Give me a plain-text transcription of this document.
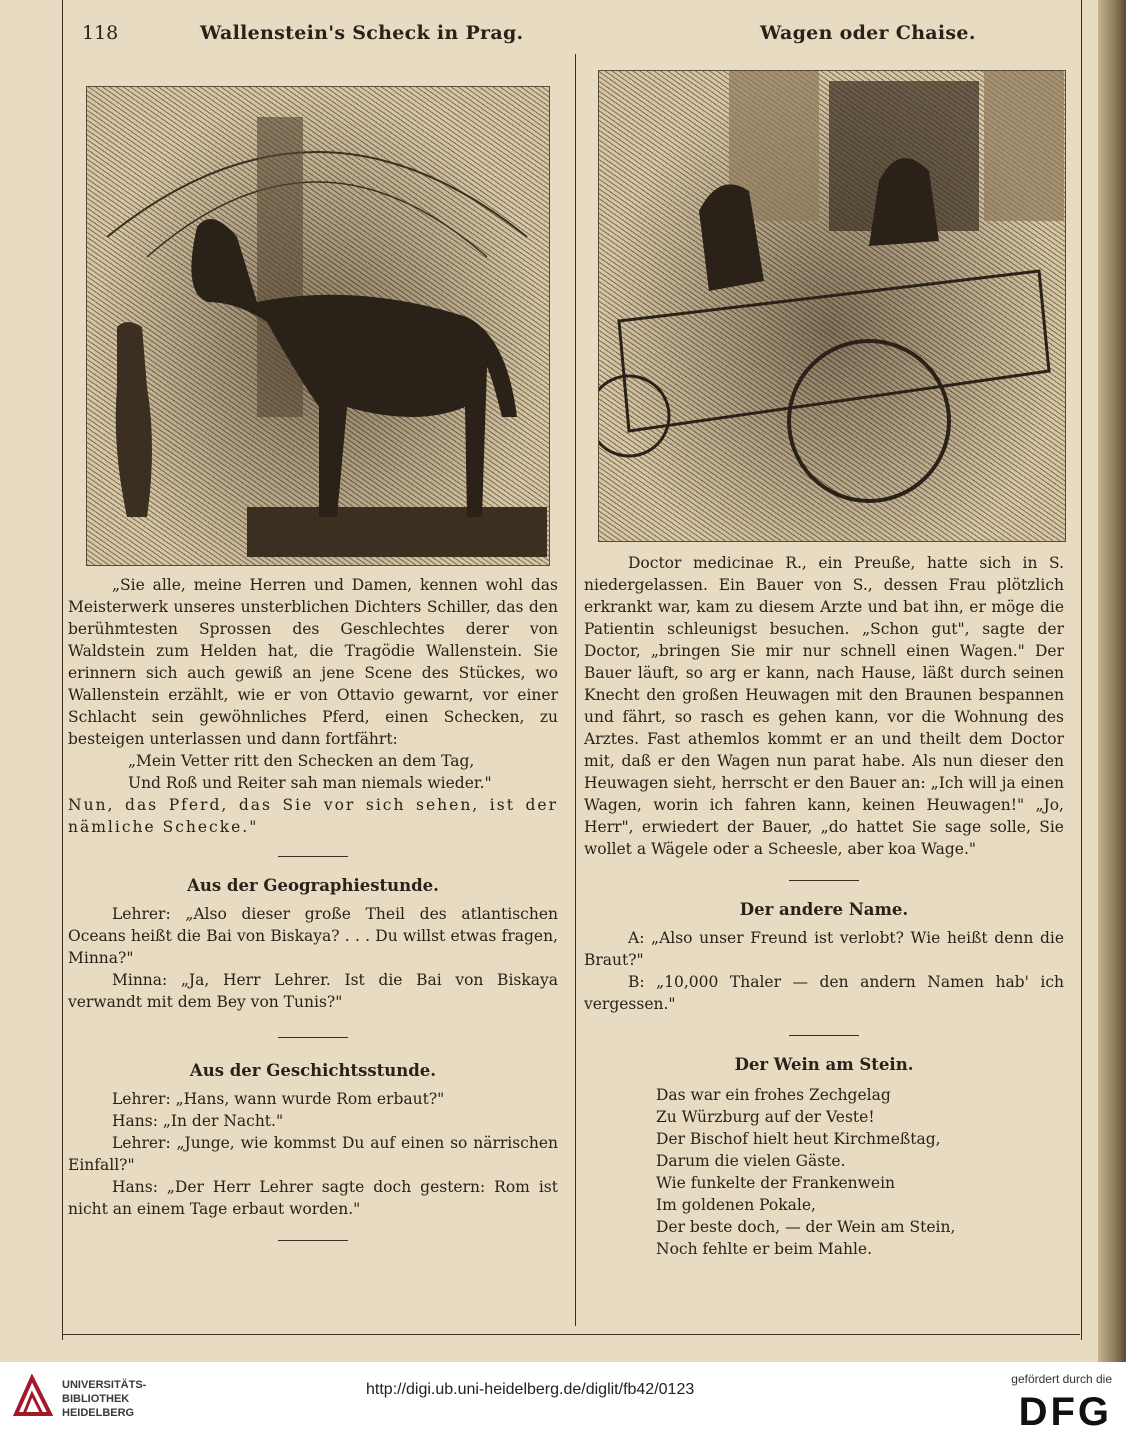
118	Wallenstein's Scheck in Prag.	Wagen oder Chaise.

„Sie alle, meine Herren und Damen, kennen wohl das Meisterwerk unseres unsterblichen Dichters Schiller, das den berühmtesten Sprossen des Geschlechtes derer von Waldstein zum Helden hat, die Tragödie Wallenstein. Sie erinnern sich auch gewiß an jene Scene des Stückes, wo Wallenstein erzählt, wie er von Ottavio gewarnt, vor einer Schlacht sein gewöhnliches Pferd, einen Schecken, zu besteigen unterlassen und dann fortfährt:

„Mein Vetter ritt den Schecken an dem Tag,

Und Roß und Reiter sah man niemals wieder."

Nun, das Pferd, das Sie vor sich sehen, ist der nämliche Schecke."

Aus der Geographiestunde.

Lehrer: „Also dieser große Theil des atlantischen Oceans heißt die Bai von Biskaya? . . . Du willst etwas fragen, Minna?"

Minna: „Ja, Herr Lehrer. Ist die Bai von Biskaya verwandt mit dem Bey von Tunis?"

Aus der Geschichtsstunde.

Lehrer: „Hans, wann wurde Rom erbaut?"

Hans: „In der Nacht."

Lehrer: „Junge, wie kommst Du auf einen so närrischen Einfall?"

Hans: „Der Herr Lehrer sagte doch gestern: Rom ist nicht an einem Tage erbaut worden."

Doctor medicinae R., ein Preuße, hatte sich in S. niedergelassen. Ein Bauer von S., dessen Frau plötzlich erkrankt war, kam zu diesem Arzte und bat ihn, er möge die Patientin schleunigst besuchen. „Schon gut", sagte der Doctor, „bringen Sie mir nur schnell einen Wagen." Der Bauer läuft, so arg er kann, nach Hause, läßt durch seinen Knecht den großen Heuwagen mit den Braunen bespannen und fährt, so rasch es gehen kann, vor die Wohnung des Arztes. Fast athemlos kommt er an und theilt dem Doctor mit, daß er den Wagen nun parat habe. Als nun dieser den Heuwagen sieht, herrscht er den Bauer an: „Ich will ja einen Wagen, worin ich fahren kann, keinen Heuwagen!" „Jo, Herr", erwiedert der Bauer, „do hattet Sie sage solle, Sie wollet a Wägele oder a Scheesle, aber koa Wage."

Der andere Name.

A: „Also unser Freund ist verlobt? Wie heißt denn die Braut?"

B: „10,000 Thaler — den andern Namen hab' ich vergessen."

Der Wein am Stein.

Das war ein frohes Zechgelag

Zu Würzburg auf der Veste!

Der Bischof hielt heut Kirchmeßtag,

Darum die vielen Gäste.

Wie funkelte der Frankenwein

Im goldenen Pokale,

Der beste doch, — der Wein am Stein,

Noch fehlte er beim Mahle.

UNIVERSITÄTS-
BIBLIOTHEK
HEIDELBERG
http://digi.ub.uni-heidelberg.de/diglit/fb42/0123
gefördert durch die
DFG
